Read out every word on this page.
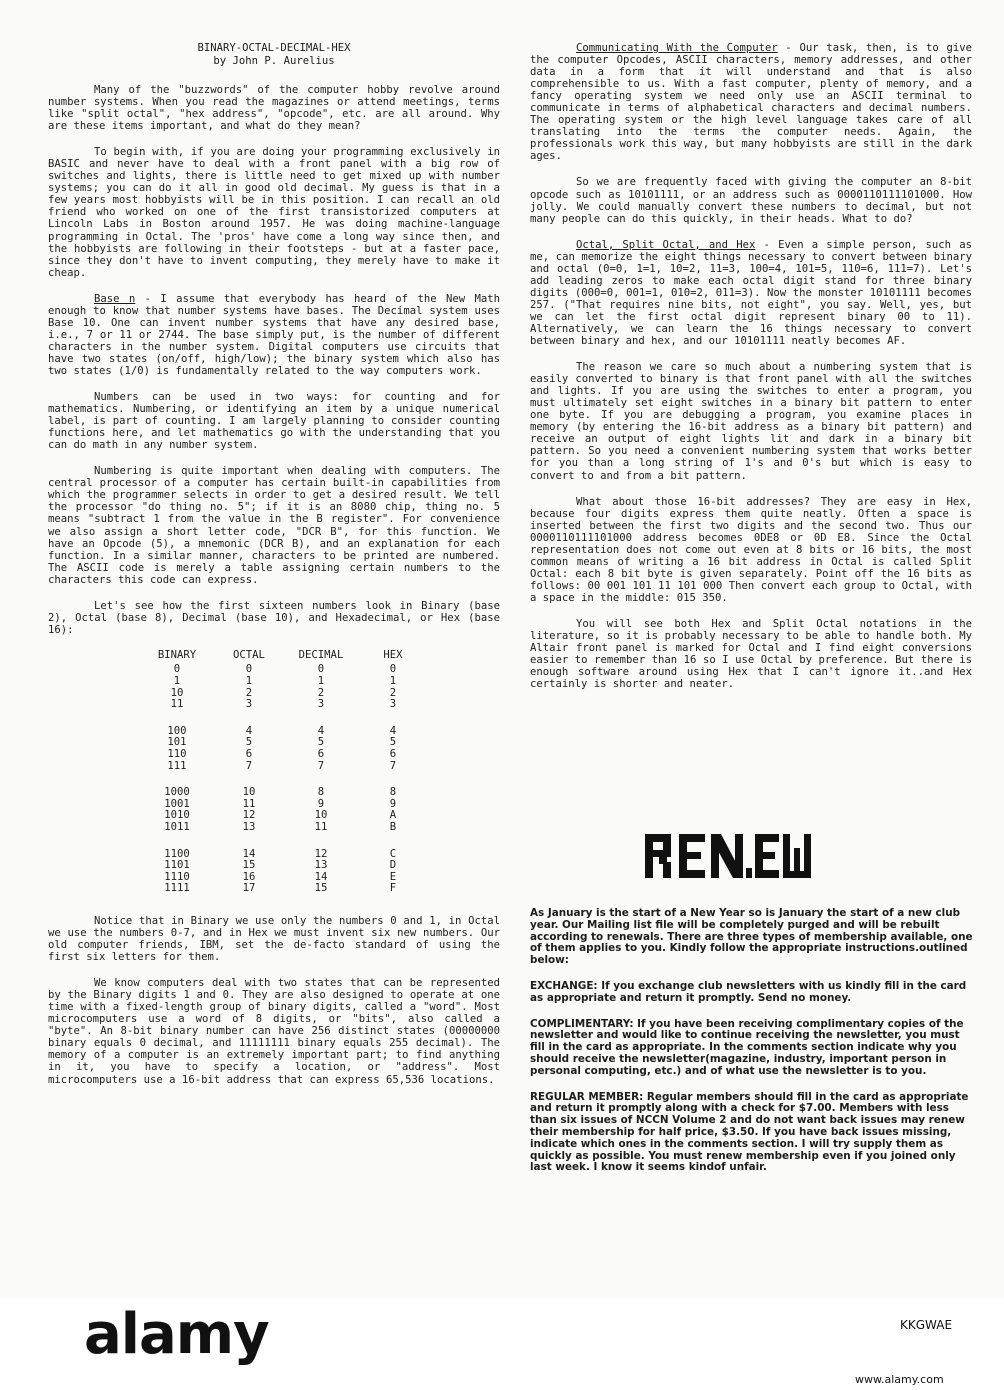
BINARY-OCTAL-DECIMAL-HEX
by John P. Aurelius

Many of the "buzzwords" of the computer hobby revolve around number systems. When you read the magazines or attend meetings, terms like "split octal", "hex address", "opcode", etc. are all around. Why are these items important, and what do they mean?

To begin with, if you are doing your programming exclusively in BASIC and never have to deal with a front panel with a big row of switches and lights, there is little need to get mixed up with number systems; you can do it all in good old decimal. My guess is that in a few years most hobbyists will be in this position. I can recall an old friend who worked on one of the first transistorized computers at Lincoln Labs in Boston around 1957. He was doing machine-language programming in Octal. The 'pros' have come a long way since then, and the hobbyists are following in their footsteps - but at a faster pace, since they don't have to invent computing, they merely have to make it cheap.

Base n - I assume that everybody has heard of the New Math enough to know that number systems have bases. The Decimal system uses Base 10. One can invent number systems that have any desired base, i.e., 7 or 11 or 2744. The base simply put, is the number of different characters in the number system. Digital computers use circuits that have two states (on/off, high/low); the binary system which also has two states (1/0) is fundamentally related to the way computers work.

Numbers can be used in two ways: for counting and for mathematics. Numbering, or identifying an item by a unique numerical label, is part of counting. I am largely planning to consider counting functions here, and let mathematics go with the understanding that you can do math in any number system.

Numbering is quite important when dealing with computers. The central processor of a computer has certain built-in capabilities from which the programmer selects in order to get a desired result. We tell the processor "do thing no. 5"; if it is an 8080 chip, thing no. 5 means "subtract 1 from the value in the B register". For convenience we also assign a short letter code, "DCR B", for this function. We have an Opcode (5), a mnemonic (DCR B), and an explanation for each function. In a similar manner, characters to be printed are numbered. The ASCII code is merely a table assigning certain numbers to the characters this code can express.

Let's see how the first sixteen numbers look in Binary (base 2), Octal (base 8), Decimal (base 10), and Hexadecimal, or Hex (base 16):

BINARY	OCTAL	DECIMAL	HEX
0	0	0	0
1	1	1	1
10	2	2	2
11	3	3	3
100	4	4	4
101	5	5	5
110	6	6	6
111	7	7	7
1000	10	8	8
1001	11	9	9
1010	12	10	A
1011	13	11	B
1100	14	12	C
1101	15	13	D
1110	16	14	E
1111	17	15	F

Notice that in Binary we use only the numbers 0 and 1, in Octal we use the numbers 0-7, and in Hex we must invent six new numbers. Our old computer friends, IBM, set the de-facto standard of using the first six letters for them.

We know computers deal with two states that can be represented by the Binary digits 1 and 0. They are also designed to operate at one time with a fixed-length group of binary digits, called a "word". Most microcomputers use a word of 8 digits, or "bits", also called a "byte". An 8-bit binary number can have 256 distinct states (00000000 binary equals 0 decimal, and 11111111 binary equals 255 decimal). The memory of a computer is an extremely important part; to find anything in it, you have to specify a location, or "address". Most microcomputers use a 16-bit address that can express 65,536 locations.

Communicating With the Computer - Our task, then, is to give the computer Opcodes, ASCII characters, memory addresses, and other data in a form that it will understand and that is also comprehensible to us. With a fast computer, plenty of memory, and a fancy operating system we need only use an ASCII terminal to communicate in terms of alphabetical characters and decimal numbers. The operating system or the high level language takes care of all translating into the terms the computer needs. Again, the professionals work this way, but many hobbyists are still in the dark ages.

So we are frequently faced with giving the computer an 8-bit opcode such as 10101111, or an address such as 0000110111101000. How jolly. We could manually convert these numbers to decimal, but not many people can do this quickly, in their heads. What to do?

Octal, Split Octal, and Hex - Even a simple person, such as me, can memorize the eight things necessary to convert between binary and octal (0=0, 1=1, 10=2, 11=3, 100=4, 101=5, 110=6, 111=7). Let's add leading zeros to make each octal digit stand for three binary digits (000=0, 001=1, 010=2, 011=3). Now the monster 10101111 becomes 257. ("That requires nine bits, not eight", you say. Well, yes, but we can let the first octal digit represent binary 00 to 11). Alternatively, we can learn the 16 things necessary to convert between binary and hex, and our 10101111 neatly becomes AF.

The reason we care so much about a numbering system that is easily converted to binary is that front panel with all the switches and lights. If you are using the switches to enter a program, you must ultimately set eight switches in a binary bit pattern to enter one byte. If you are debugging a program, you examine places in memory (by entering the 16-bit address as a binary bit pattern) and receive an output of eight lights lit and dark in a binary bit pattern. So you need a convenient numbering system that works better for you than a long string of 1's and 0's but which is easy to convert to and from a bit pattern.

What about those 16-bit addresses? They are easy in Hex, because four digits express them quite neatly. Often a space is inserted between the first two digits and the second two. Thus our 0000110111101000 address becomes 0DE8 or 0D E8. Since the Octal representation does not come out even at 8 bits or 16 bits, the most common means of writing a 16 bit address in Octal is called Split Octal: each 8 bit byte is given separately. Point off the 16 bits as follows: 00 001 101 11 101 000 Then convert each group to Octal, with a space in the middle: 015 350.

You will see both Hex and Split Octal notations in the literature, so it is probably necessary to be able to handle both. My Altair front panel is marked for Octal and I find eight conversions easier to remember than 16 so I use Octal by preference. But there is enough software around using Hex that I can't ignore it..and Hex certainly is shorter and neater.

As January is the start of a New Year so is January the start of a new club year. Our Mailing list file will be completely purged and will be rebuilt according to renewals. There are three types of membership available, one of them applies to you. Kindly follow the appropriate instructions.outlined below:

EXCHANGE: If you exchange club newsletters with us kindly fill in the card as appropriate and return it promptly. Send no money.

COMPLIMENTARY: If you have been receiving complimentary copies of the newsletter and would like to continue receiving the newsletter, you must fill in the card as appropriate. In the comments section indicate why you should receive the newsletter(magazine, industry, important person in personal computing, etc.) and of what use the newsletter is to you.

REGULAR MEMBER: Regular members should fill in the card as appropriate and return it promptly along with a check for $7.00. Members with less than six issues of NCCN Volume 2 and do not want back issues may renew their membership for half price, $3.50. If you have back issues missing, indicate which ones in the comments section. I will try supply them as quickly as possible. You must renew membership even if you joined only last week. I know it seems kindof unfair.

alamy	KKGWAE
www.alamy.com
